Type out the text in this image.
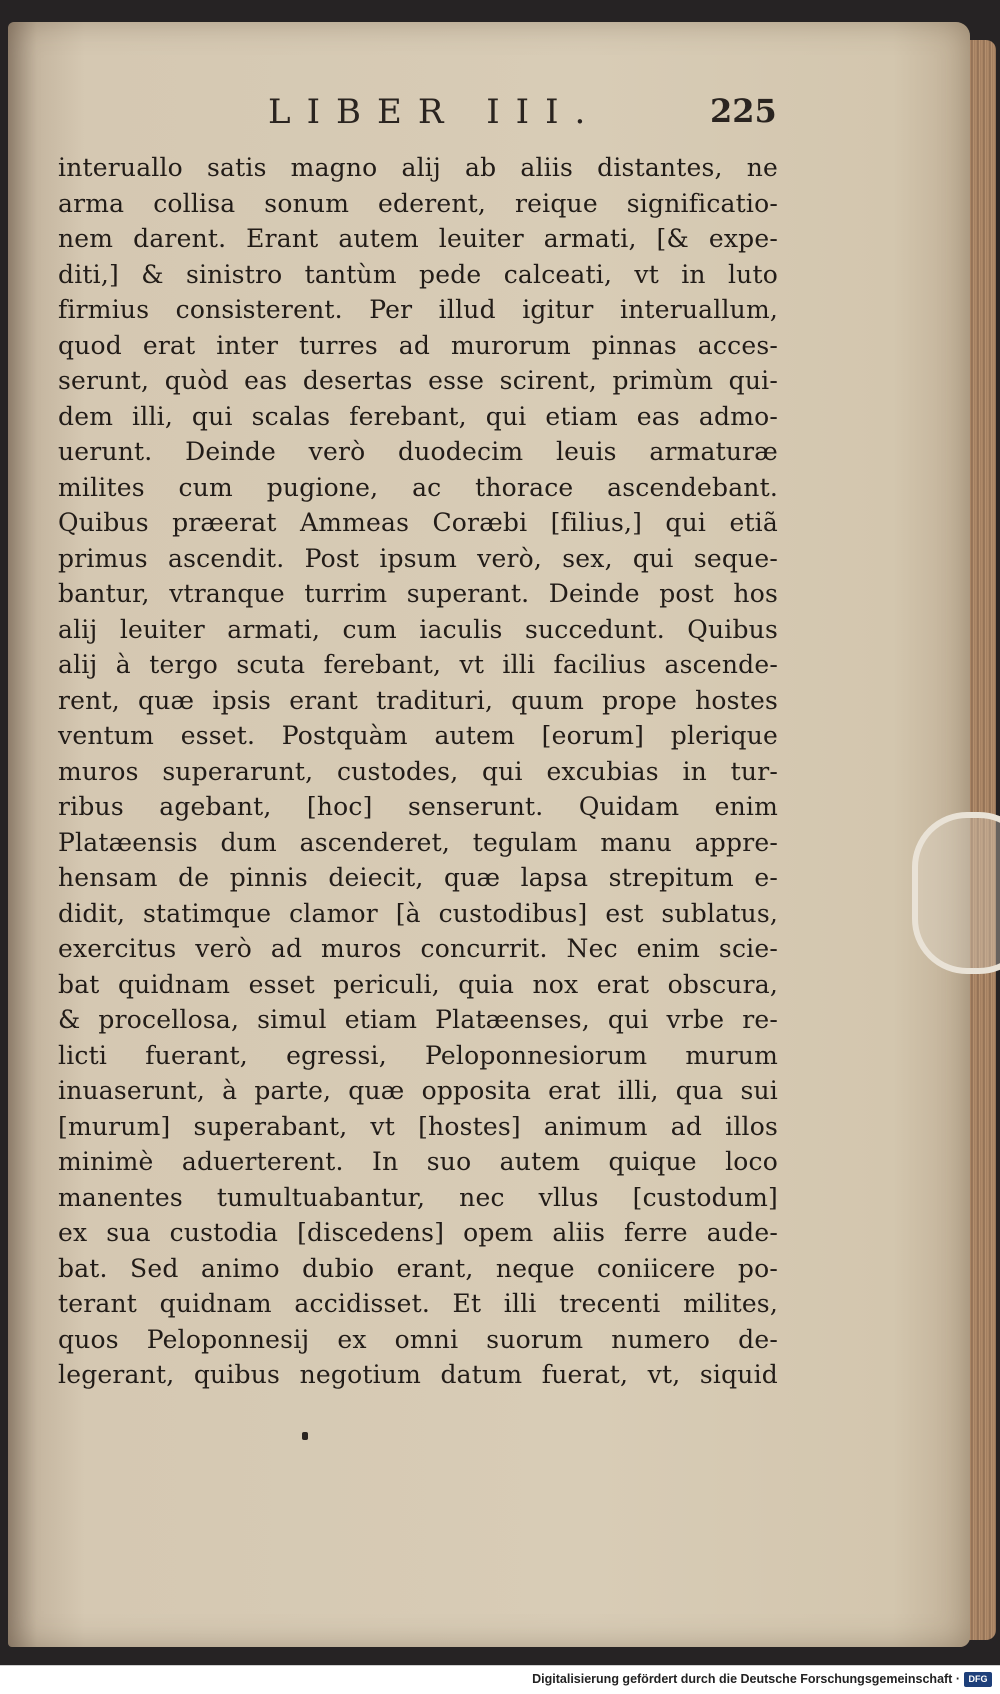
LIBER III.	225
interuallo satis magno alij ab aliis distantes, ne
arma collisa sonum ederent, reique significatio-
nem darent. Erant autem leuiter armati, [& expe-
diti,] & sinistro tantùm pede calceati, vt in luto
firmius consisterent. Per illud igitur interuallum,
quod erat inter turres ad murorum pinnas acces-
serunt, quòd eas desertas esse scirent, primùm qui-
dem illi, qui scalas ferebant, qui etiam eas admo-
uerunt. Deinde verò duodecim leuis armaturæ
milites cum pugione, ac thorace ascendebant.
Quibus præerat Ammeas Coræbi [filius,] qui etiã
primus ascendit. Post ipsum verò, sex, qui seque-
bantur, vtranque turrim superant. Deinde post hos
alij leuiter armati, cum iaculis succedunt. Quibus
alij à tergo scuta ferebant, vt illi facilius ascende-
rent, quæ ipsis erant tradituri, quum prope hostes
ventum esset. Postquàm autem [eorum] plerique
muros superarunt, custodes, qui excubias in tur-
ribus agebant, [hoc] senserunt. Quidam enim
Platæensis dum ascenderet, tegulam manu appre-
hensam de pinnis deiecit, quæ lapsa strepitum e-
didit, statimque clamor [à custodibus] est sublatus,
exercitus verò ad muros concurrit. Nec enim scie-
bat quidnam esset periculi, quia nox erat obscura,
& procellosa, simul etiam Platæenses, qui vrbe re-
licti fuerant, egressi, Peloponnesiorum murum
inuaserunt, à parte, quæ opposita erat illi, qua sui
[murum] superabant, vt [hostes] animum ad illos
minimè aduerterent. In suo autem quique loco
manentes tumultuabantur, nec vllus [custodum]
ex sua custodia [discedens] opem aliis ferre aude-
bat. Sed animo dubio erant, neque coniicere po-
terant quidnam accidisset. Et illi trecenti milites,
quos Peloponnesij ex omni suorum numero de-
legerant, quibus negotium datum fuerat, vt, siquid
Digitalisierung gefördert durch die Deutsche Forschungsgemeinschaft · DFG
